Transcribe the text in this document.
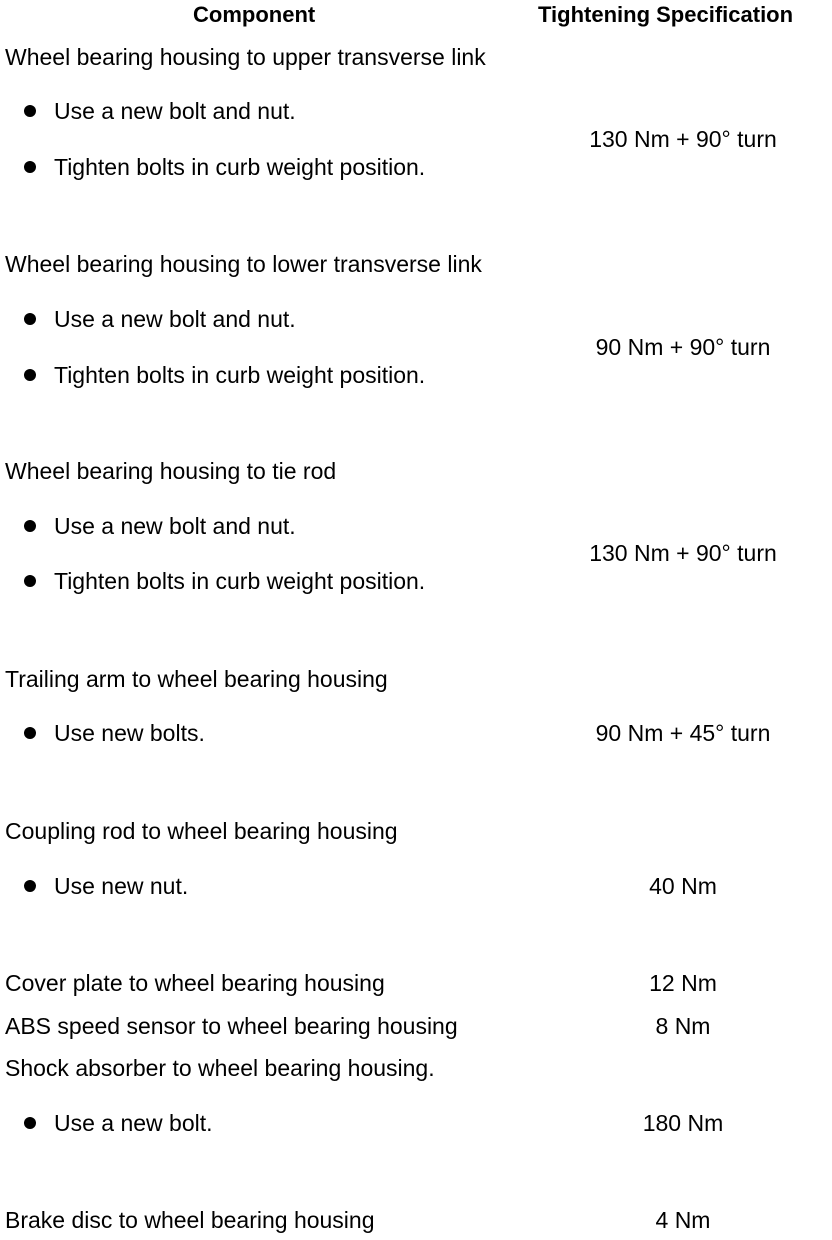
Component	Tightening Specification
Wheel bearing housing to upper transverse link
Use a new bolt and nut.
Tighten bolts in curb weight position.
130 Nm + 90° turn
Wheel bearing housing to lower transverse link
Use a new bolt and nut.
Tighten bolts in curb weight position.
90 Nm + 90° turn
Wheel bearing housing to tie rod
Use a new bolt and nut.
Tighten bolts in curb weight position.
130 Nm + 90° turn
Trailing arm to wheel bearing housing
Use new bolts.	90 Nm + 45° turn
Coupling rod to wheel bearing housing
Use new nut.	40 Nm
Cover plate to wheel bearing housing	12 Nm
ABS speed sensor to wheel bearing housing	8 Nm
Shock absorber to wheel bearing housing.
Use a new bolt.	180 Nm
Brake disc to wheel bearing housing	4 Nm
